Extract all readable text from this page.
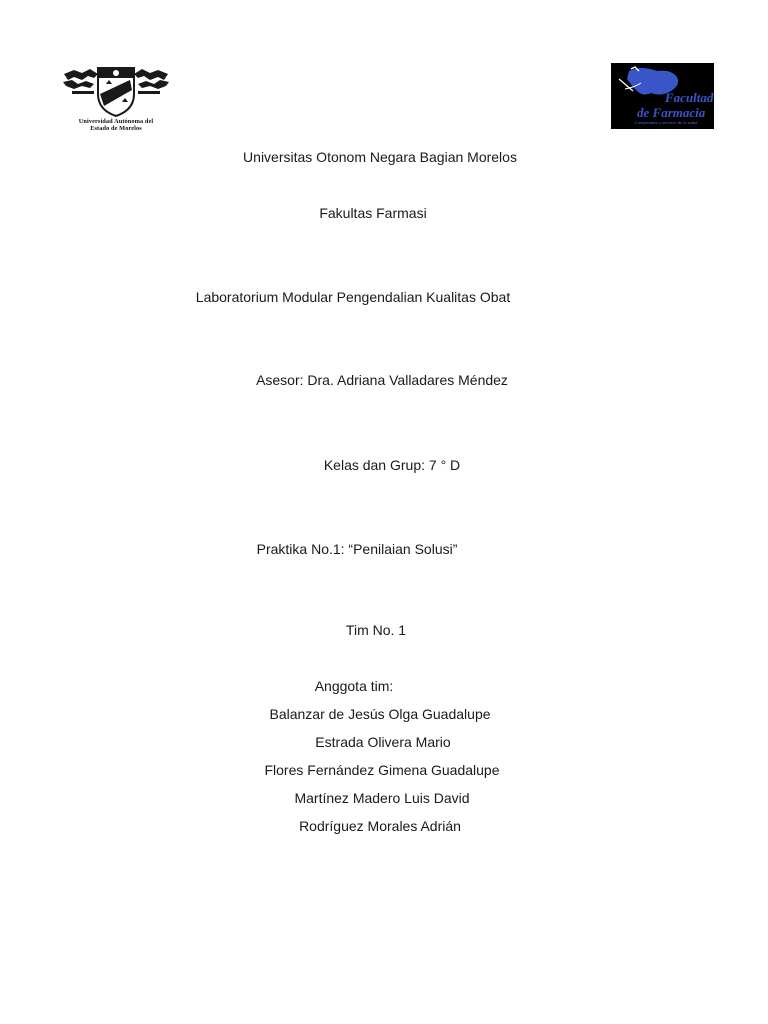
Universidad Autónoma del
Estado de Morelos
Facultad
de Farmacia
Compromiso y servicio de la salud
Universitas Otonom Negara Bagian Morelos
Fakultas Farmasi
Laboratorium Modular Pengendalian Kualitas Obat
Asesor: Dra. Adriana Valladares Méndez
Kelas dan Grup: 7 ° D
Praktika No.1: “Penilaian Solusi”
Tim No. 1
Anggota tim:
Balanzar de Jesús Olga Guadalupe
Estrada Olivera Mario
Flores Fernández Gimena Guadalupe
Martínez Madero Luis David
Rodríguez Morales Adrián
